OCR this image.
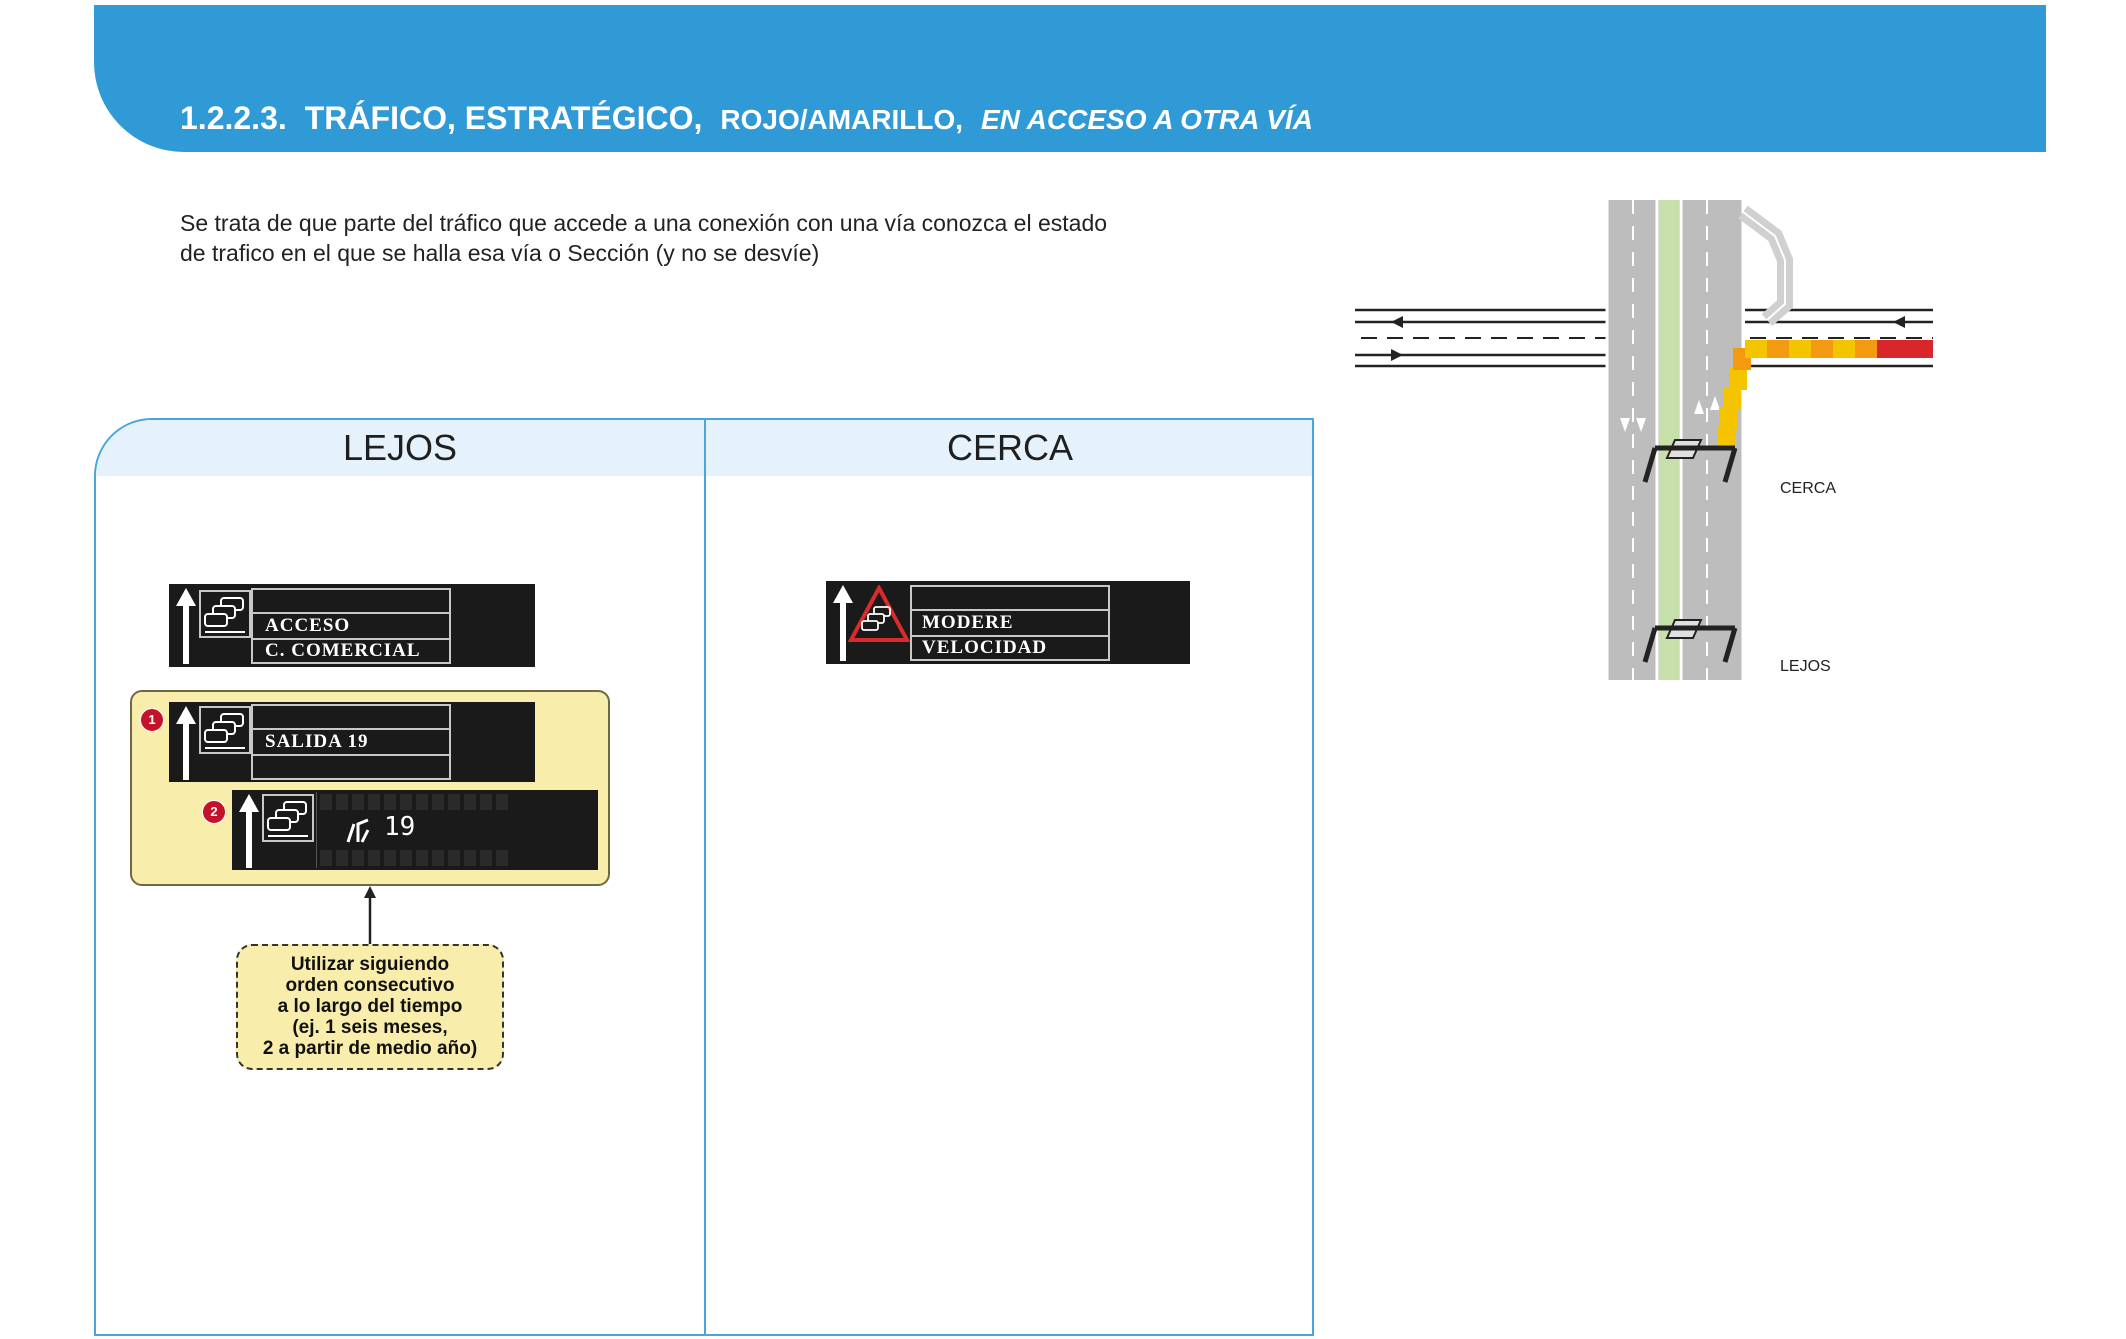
1.2.2.3. TRÁFICO, ESTRATÉGICO, ROJO/AMARILLO, EN ACCESO A OTRA VÍA
Se trata de que parte del tráfico que accede a una conexión con una vía conozca el estado
de trafico en el que se halla esa vía o Sección (y no se desvíe)
LEJOS	CERCA
ACCESO
C. COMERCIAL
1
SALIDA 19
2
19
Utilizar siguiendo
orden consecutivo
a lo largo del tiempo
(ej. 1 seis meses,
2 a partir de medio año)
MODERE
VELOCIDAD
CERCA
LEJOS
